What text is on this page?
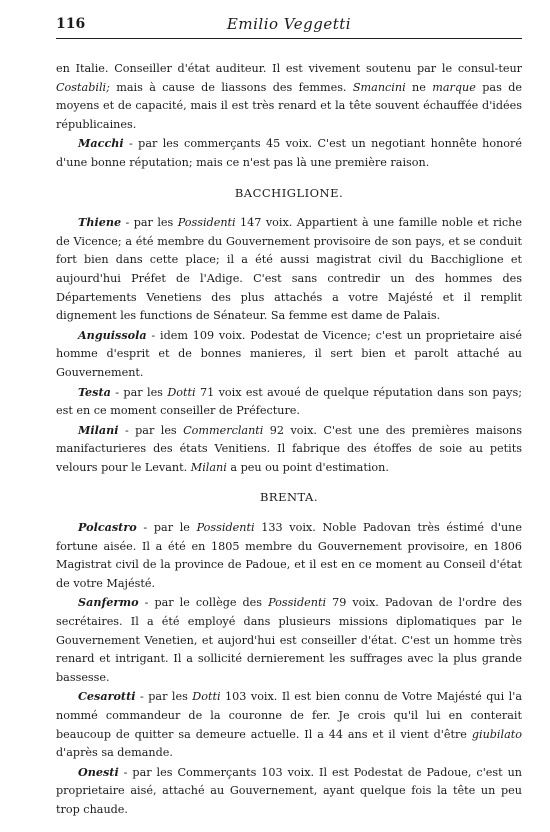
116	Emilio Veggetti

en Italie. Conseiller d'état auditeur. Il est vivement soutenu par le consul-teur Costabili; mais à cause de liassons des femmes. Smancini ne marque pas de moyens et de capacité, mais il est très renard et la tête souvent échauffée d'idées républicaines.

Macchi - par les commerçants 45 voix. C'est un negotiant honnête honoré d'une bonne réputation; mais ce n'est pas là une première raison.

BACCHIGLIONE.

Thiene - par les Possidenti 147 voix. Appartient à une famille noble et riche de Vicence; a été membre du Gouvernement provisoire de son pays, et se conduit fort bien dans cette place; il a été aussi magistrat civil du Bacchiglione et aujourd'hui Préfet de l'Adige. C'est sans contredir un des hommes des Départements Venetiens des plus attachés a votre Majésté et il remplit dignement les functions de Sénateur. Sa femme est dame de Palais.

Anguissola - idem 109 voix. Podestat de Vicence; c'est un proprietaire aisé homme d'esprit et de bonnes manieres, il sert bien et parolt attaché au Gouvernement.

Testa - par les Dotti 71 voix est avoué de quelque réputation dans son pays; est en ce moment conseiller de Préfecture.

Milani - par les Commerclanti 92 voix. C'est une des premières maisons manifacturieres des états Venitiens. Il fabrique des étoffes de soie au petits velours pour le Levant. Milani a peu ou point d'estimation.

BRENTA.

Polcastro - par le Possidenti 133 voix. Noble Padovan très éstimé d'une fortune aisée. Il a été en 1805 membre du Gouvernement provisoire, en 1806 Magistrat civil de la province de Padoue, et il est en ce moment au Conseil d'état de votre Majésté.

Sanfermo - par le collège des Possidenti 79 voix. Padovan de l'ordre des secrétaires. Il a été employé dans plusieurs missions diplomatiques par le Gouvernement Venetien, et aujord'hui est conseiller d'état. C'est un homme très renard et intrigant. Il a sollicité dernierement les suffrages avec la plus grande bassesse.

Cesarotti - par les Dotti 103 voix. Il est bien connu de Votre Majésté qui l'a nommé commandeur de la couronne de fer. Je crois qu'il lui en conterait beaucoup de quitter sa demeure actuelle. Il a 44 ans et il vient d'être giubilato d'après sa demande.

Onesti - par les Commerçants 103 voix. Il est Podestat de Padoue, c'est un proprietaire aisé, attaché au Gouvernement, ayant quelque fois la tête un peu trop chaude.
